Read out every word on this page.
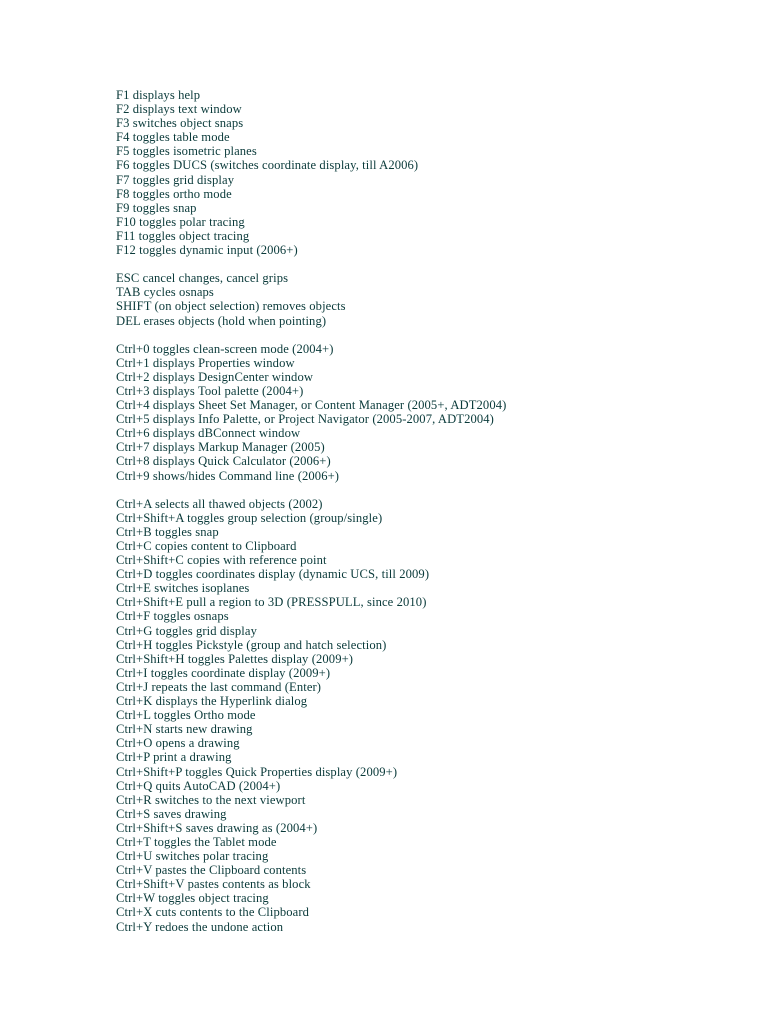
F1 displays help
F2 displays text window
F3 switches object snaps
F4 toggles table mode
F5 toggles isometric planes
F6 toggles DUCS (switches coordinate display, till A2006)
F7 toggles grid display
F8 toggles ortho mode
F9 toggles snap
F10 toggles polar tracing
F11 toggles object tracing
F12 toggles dynamic input (2006+)
ESC cancel changes, cancel grips
TAB cycles osnaps
SHIFT (on object selection) removes objects
DEL erases objects (hold when pointing)
Ctrl+0 toggles clean-screen mode (2004+)
Ctrl+1 displays Properties window
Ctrl+2 displays DesignCenter window
Ctrl+3 displays Tool palette (2004+)
Ctrl+4 displays Sheet Set Manager, or Content Manager (2005+, ADT2004)
Ctrl+5 displays Info Palette, or Project Navigator (2005-2007, ADT2004)
Ctrl+6 displays dBConnect window
Ctrl+7 displays Markup Manager (2005)
Ctrl+8 displays Quick Calculator (2006+)
Ctrl+9 shows/hides Command line (2006+)
Ctrl+A selects all thawed objects (2002)
Ctrl+Shift+A toggles group selection (group/single)
Ctrl+B toggles snap
Ctrl+C copies content to Clipboard
Ctrl+Shift+C copies with reference point
Ctrl+D toggles coordinates display (dynamic UCS, till 2009)
Ctrl+E switches isoplanes
Ctrl+Shift+E pull a region to 3D (PRESSPULL, since 2010)
Ctrl+F toggles osnaps
Ctrl+G toggles grid display
Ctrl+H toggles Pickstyle (group and hatch selection)
Ctrl+Shift+H toggles Palettes display (2009+)
Ctrl+I toggles coordinate display (2009+)
Ctrl+J repeats the last command (Enter)
Ctrl+K displays the Hyperlink dialog
Ctrl+L toggles Ortho mode
Ctrl+N starts new drawing
Ctrl+O opens a drawing
Ctrl+P print a drawing
Ctrl+Shift+P toggles Quick Properties display (2009+)
Ctrl+Q quits AutoCAD (2004+)
Ctrl+R switches to the next viewport
Ctrl+S saves drawing
Ctrl+Shift+S saves drawing as (2004+)
Ctrl+T toggles the Tablet mode
Ctrl+U switches polar tracing
Ctrl+V pastes the Clipboard contents
Ctrl+Shift+V pastes contents as block
Ctrl+W toggles object tracing
Ctrl+X cuts contents to the Clipboard
Ctrl+Y redoes the undone action
